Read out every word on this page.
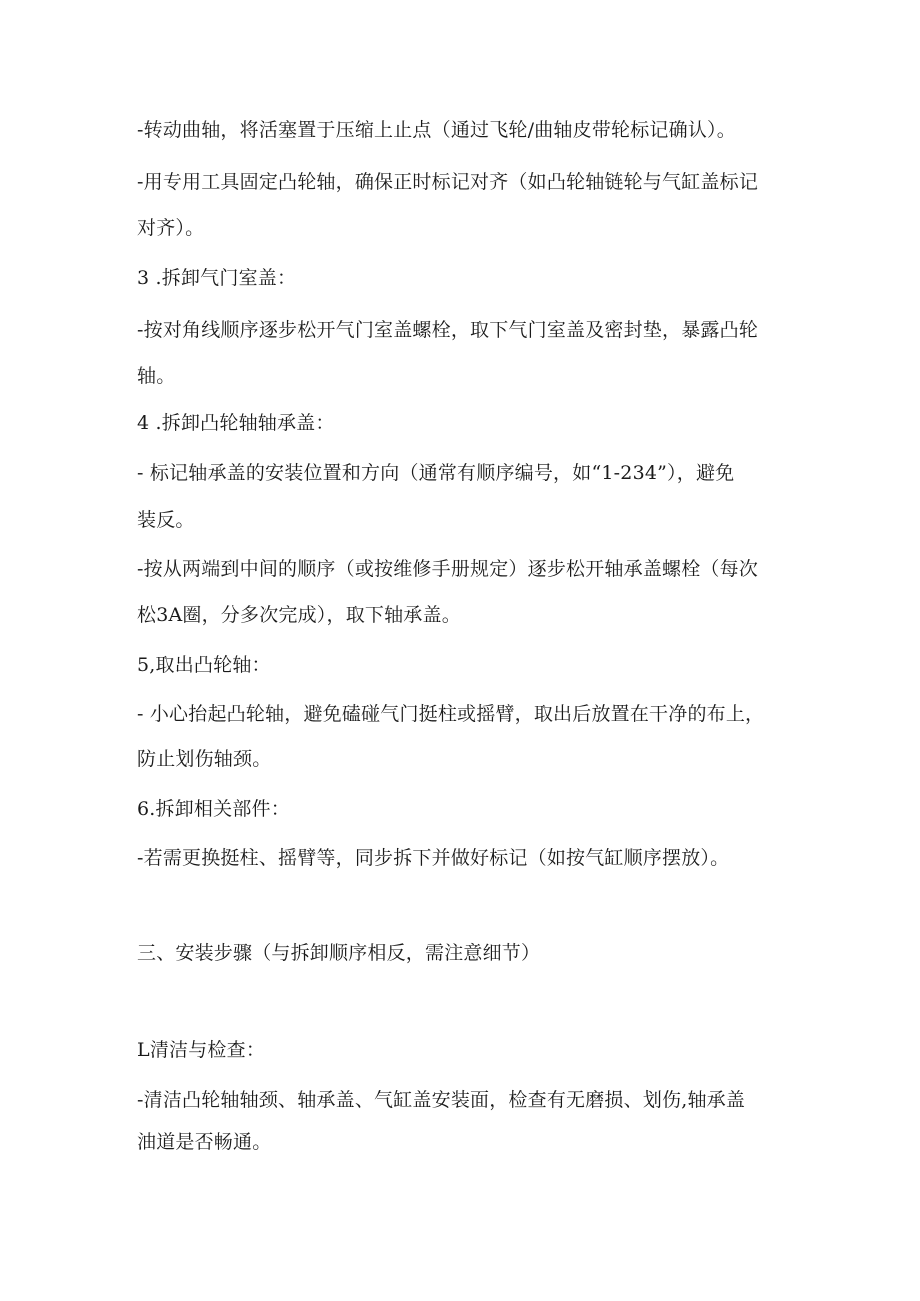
-转动曲轴，将活塞置于压缩上止点（通过飞轮/曲轴皮带轮标记确认）。
-用专用工具固定凸轮轴，确保正时标记对齐（如凸轮轴链轮与气缸盖标记
对齐）。
3 .拆卸气门室盖：
-按对角线顺序逐步松开气门室盖螺栓，取下气门室盖及密封垫，暴露凸轮
轴。
4 .拆卸凸轮轴轴承盖：
- 标记轴承盖的安装位置和方向（通常有顺序编号，如“1-234”），避免
装反。
-按从两端到中间的顺序（或按维修手册规定）逐步松开轴承盖螺栓（每次
松3A圈，分多次完成），取下轴承盖。
5,取出凸轮轴：
- 小心抬起凸轮轴，避免磕碰气门挺柱或摇臂，取出后放置在干净的布上，
防止划伤轴颈。
6.拆卸相关部件：
-若需更换挺柱、摇臂等，同步拆下并做好标记（如按气缸顺序摆放）。
三、安装步骤（与拆卸顺序相反，需注意细节）
L清洁与检查：
-清洁凸轮轴轴颈、轴承盖、气缸盖安装面，检查有无磨损、划伤,轴承盖
油道是否畅通。
